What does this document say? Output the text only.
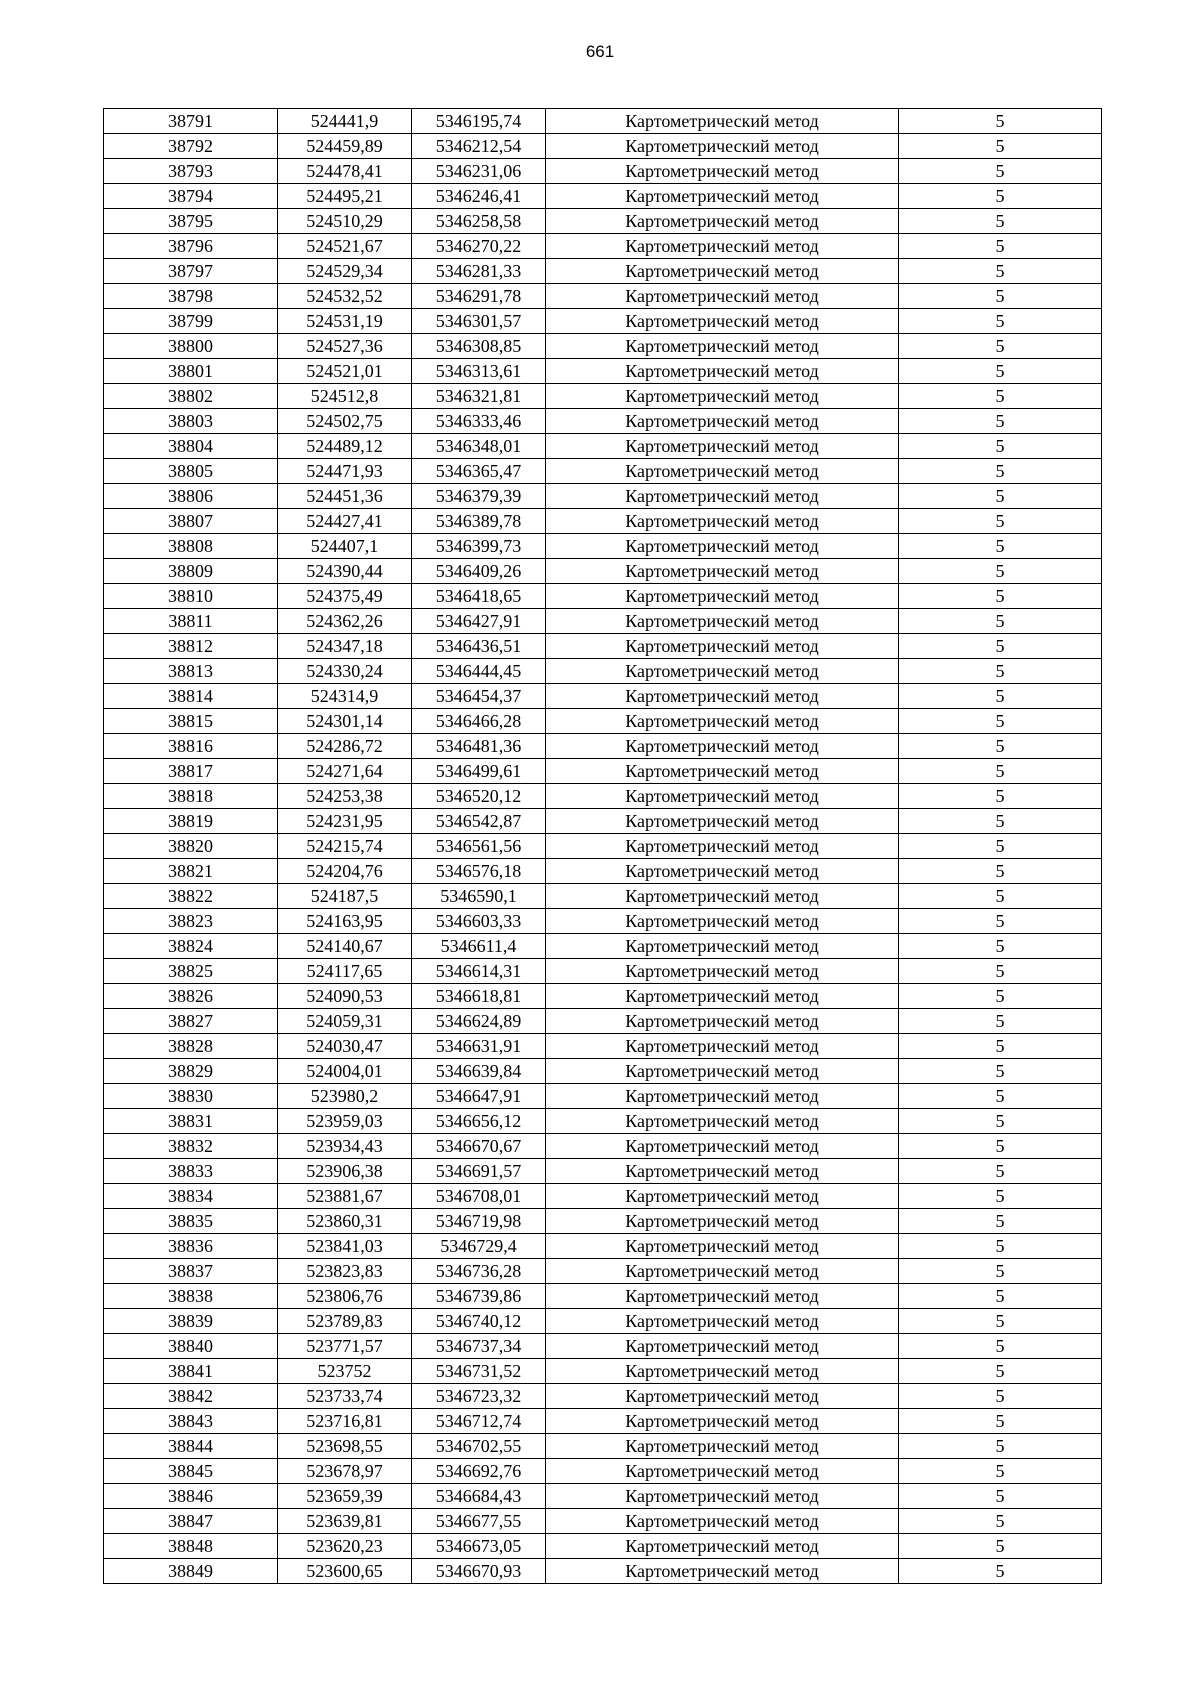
661
38791	524441,9	5346195,74	Картометрический метод	5
38792	524459,89	5346212,54	Картометрический метод	5
38793	524478,41	5346231,06	Картометрический метод	5
38794	524495,21	5346246,41	Картометрический метод	5
38795	524510,29	5346258,58	Картометрический метод	5
38796	524521,67	5346270,22	Картометрический метод	5
38797	524529,34	5346281,33	Картометрический метод	5
38798	524532,52	5346291,78	Картометрический метод	5
38799	524531,19	5346301,57	Картометрический метод	5
38800	524527,36	5346308,85	Картометрический метод	5
38801	524521,01	5346313,61	Картометрический метод	5
38802	524512,8	5346321,81	Картометрический метод	5
38803	524502,75	5346333,46	Картометрический метод	5
38804	524489,12	5346348,01	Картометрический метод	5
38805	524471,93	5346365,47	Картометрический метод	5
38806	524451,36	5346379,39	Картометрический метод	5
38807	524427,41	5346389,78	Картометрический метод	5
38808	524407,1	5346399,73	Картометрический метод	5
38809	524390,44	5346409,26	Картометрический метод	5
38810	524375,49	5346418,65	Картометрический метод	5
38811	524362,26	5346427,91	Картометрический метод	5
38812	524347,18	5346436,51	Картометрический метод	5
38813	524330,24	5346444,45	Картометрический метод	5
38814	524314,9	5346454,37	Картометрический метод	5
38815	524301,14	5346466,28	Картометрический метод	5
38816	524286,72	5346481,36	Картометрический метод	5
38817	524271,64	5346499,61	Картометрический метод	5
38818	524253,38	5346520,12	Картометрический метод	5
38819	524231,95	5346542,87	Картометрический метод	5
38820	524215,74	5346561,56	Картометрический метод	5
38821	524204,76	5346576,18	Картометрический метод	5
38822	524187,5	5346590,1	Картометрический метод	5
38823	524163,95	5346603,33	Картометрический метод	5
38824	524140,67	5346611,4	Картометрический метод	5
38825	524117,65	5346614,31	Картометрический метод	5
38826	524090,53	5346618,81	Картометрический метод	5
38827	524059,31	5346624,89	Картометрический метод	5
38828	524030,47	5346631,91	Картометрический метод	5
38829	524004,01	5346639,84	Картометрический метод	5
38830	523980,2	5346647,91	Картометрический метод	5
38831	523959,03	5346656,12	Картометрический метод	5
38832	523934,43	5346670,67	Картометрический метод	5
38833	523906,38	5346691,57	Картометрический метод	5
38834	523881,67	5346708,01	Картометрический метод	5
38835	523860,31	5346719,98	Картометрический метод	5
38836	523841,03	5346729,4	Картометрический метод	5
38837	523823,83	5346736,28	Картометрический метод	5
38838	523806,76	5346739,86	Картометрический метод	5
38839	523789,83	5346740,12	Картометрический метод	5
38840	523771,57	5346737,34	Картометрический метод	5
38841	523752	5346731,52	Картометрический метод	5
38842	523733,74	5346723,32	Картометрический метод	5
38843	523716,81	5346712,74	Картометрический метод	5
38844	523698,55	5346702,55	Картометрический метод	5
38845	523678,97	5346692,76	Картометрический метод	5
38846	523659,39	5346684,43	Картометрический метод	5
38847	523639,81	5346677,55	Картометрический метод	5
38848	523620,23	5346673,05	Картометрический метод	5
38849	523600,65	5346670,93	Картометрический метод	5
